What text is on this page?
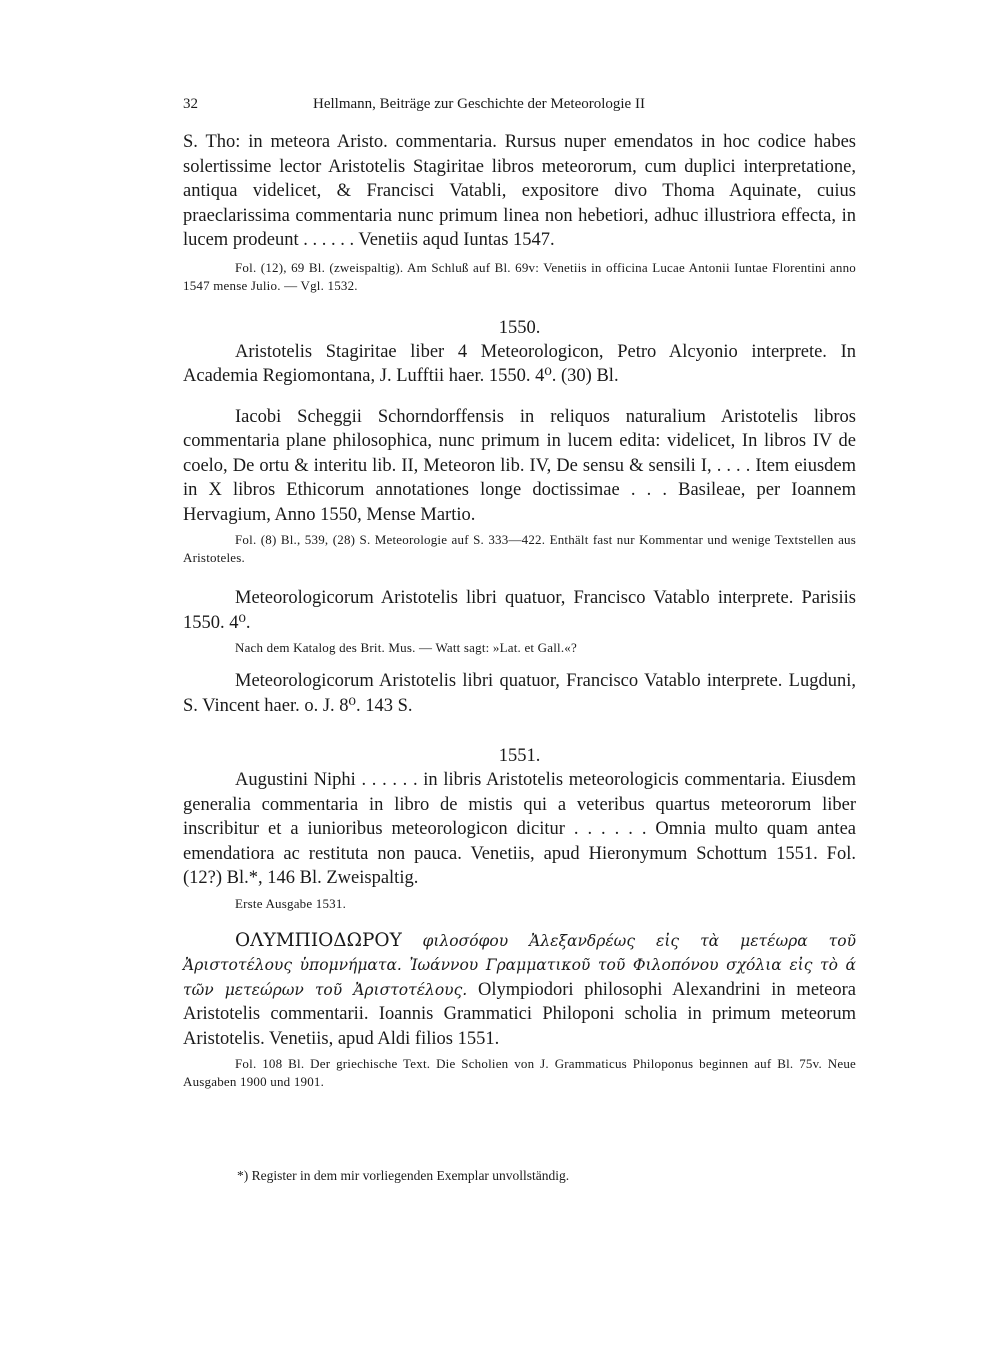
32	Hellmann, Beiträge zur Geschichte der Meteorologie II

S. Tho: in meteora Aristo. commentaria. Rursus nuper emendatos in hoc codice habes solertissime lector Aristotelis Stagiritae libros meteororum, cum duplici interpretatione, antiqua videlicet, & Francisci Vatabli, expositore divo Thoma Aquinate, cuius praeclarissima commentaria nunc primum linea non hebetiori, adhuc illustriora effecta, in lucem prodeunt . . . . . . Venetiis aqud Iuntas 1547.

Fol. (12), 69 Bl. (zweispaltig). Am Schluß auf Bl. 69v: Venetiis in officina Lucae Antonii Iuntae Florentini anno 1547 mense Julio. — Vgl. 1532.

1550.

Aristotelis Stagiritae liber 4 Meteorologicon, Petro Alcyonio interprete. In Academia Regiomontana, J. Lufftii haer. 1550. 4⁰. (30) Bl.

Iacobi Scheggii Schorndorffensis in reliquos naturalium Aristotelis libros commentaria plane philosophica, nunc primum in lucem edita: videlicet, In libros IV de coelo, De ortu & interitu lib. II, Meteoron lib. IV, De sensu & sensili I, . . . . Item eiusdem in X libros Ethicorum annotationes longe doctissimae . . . Basileae, per Ioannem Hervagium, Anno 1550, Mense Martio.

Fol. (8) Bl., 539, (28) S. Meteorologie auf S. 333—422. Enthält fast nur Kommentar und wenige Textstellen aus Aristoteles.

Meteorologicorum Aristotelis libri quatuor, Francisco Vatablo interprete. Parisiis 1550. 4⁰.

Nach dem Katalog des Brit. Mus. — Watt sagt: »Lat. et Gall.«?

Meteorologicorum Aristotelis libri quatuor, Francisco Vatablo interprete. Lugduni, S. Vincent haer. o. J. 8⁰. 143 S.

1551.

Augustini Niphi . . . . . . in libris Aristotelis meteorologicis commentaria. Eiusdem generalia commentaria in libro de mistis qui a veteribus quartus meteororum liber inscribitur et a iunioribus meteorologicon dicitur . . . . . . Omnia multo quam antea emendatiora ac restituta non pauca. Venetiis, apud Hieronymum Schottum 1551. Fol. (12?) Bl.*, 146 Bl. Zweispaltig.

Erste Ausgabe 1531.

ΟΛΥΜΠΙΟΔΩΡΟΥ φιλοσόφου Ἀλεξανδρέως εἰς τὰ μετέωρα τοῦ Ἀριστοτέλους ὑπομνήματα. Ἰωάννου Γραμματικοῦ τοῦ Φιλοπόνου σχόλια εἰς τὸ ά τῶν μετεώρων τοῦ Ἀριστοτέλους. Olympiodori philosophi Alexandrini in meteora Aristotelis commentarii. Ioannis Grammatici Philoponi scholia in primum meteorum Aristotelis. Venetiis, apud Aldi filios 1551.

Fol. 108 Bl. Der griechische Text. Die Scholien von J. Grammaticus Philoponus beginnen auf Bl. 75v. Neue Ausgaben 1900 und 1901.

*) Register in dem mir vorliegenden Exemplar unvollständig.
